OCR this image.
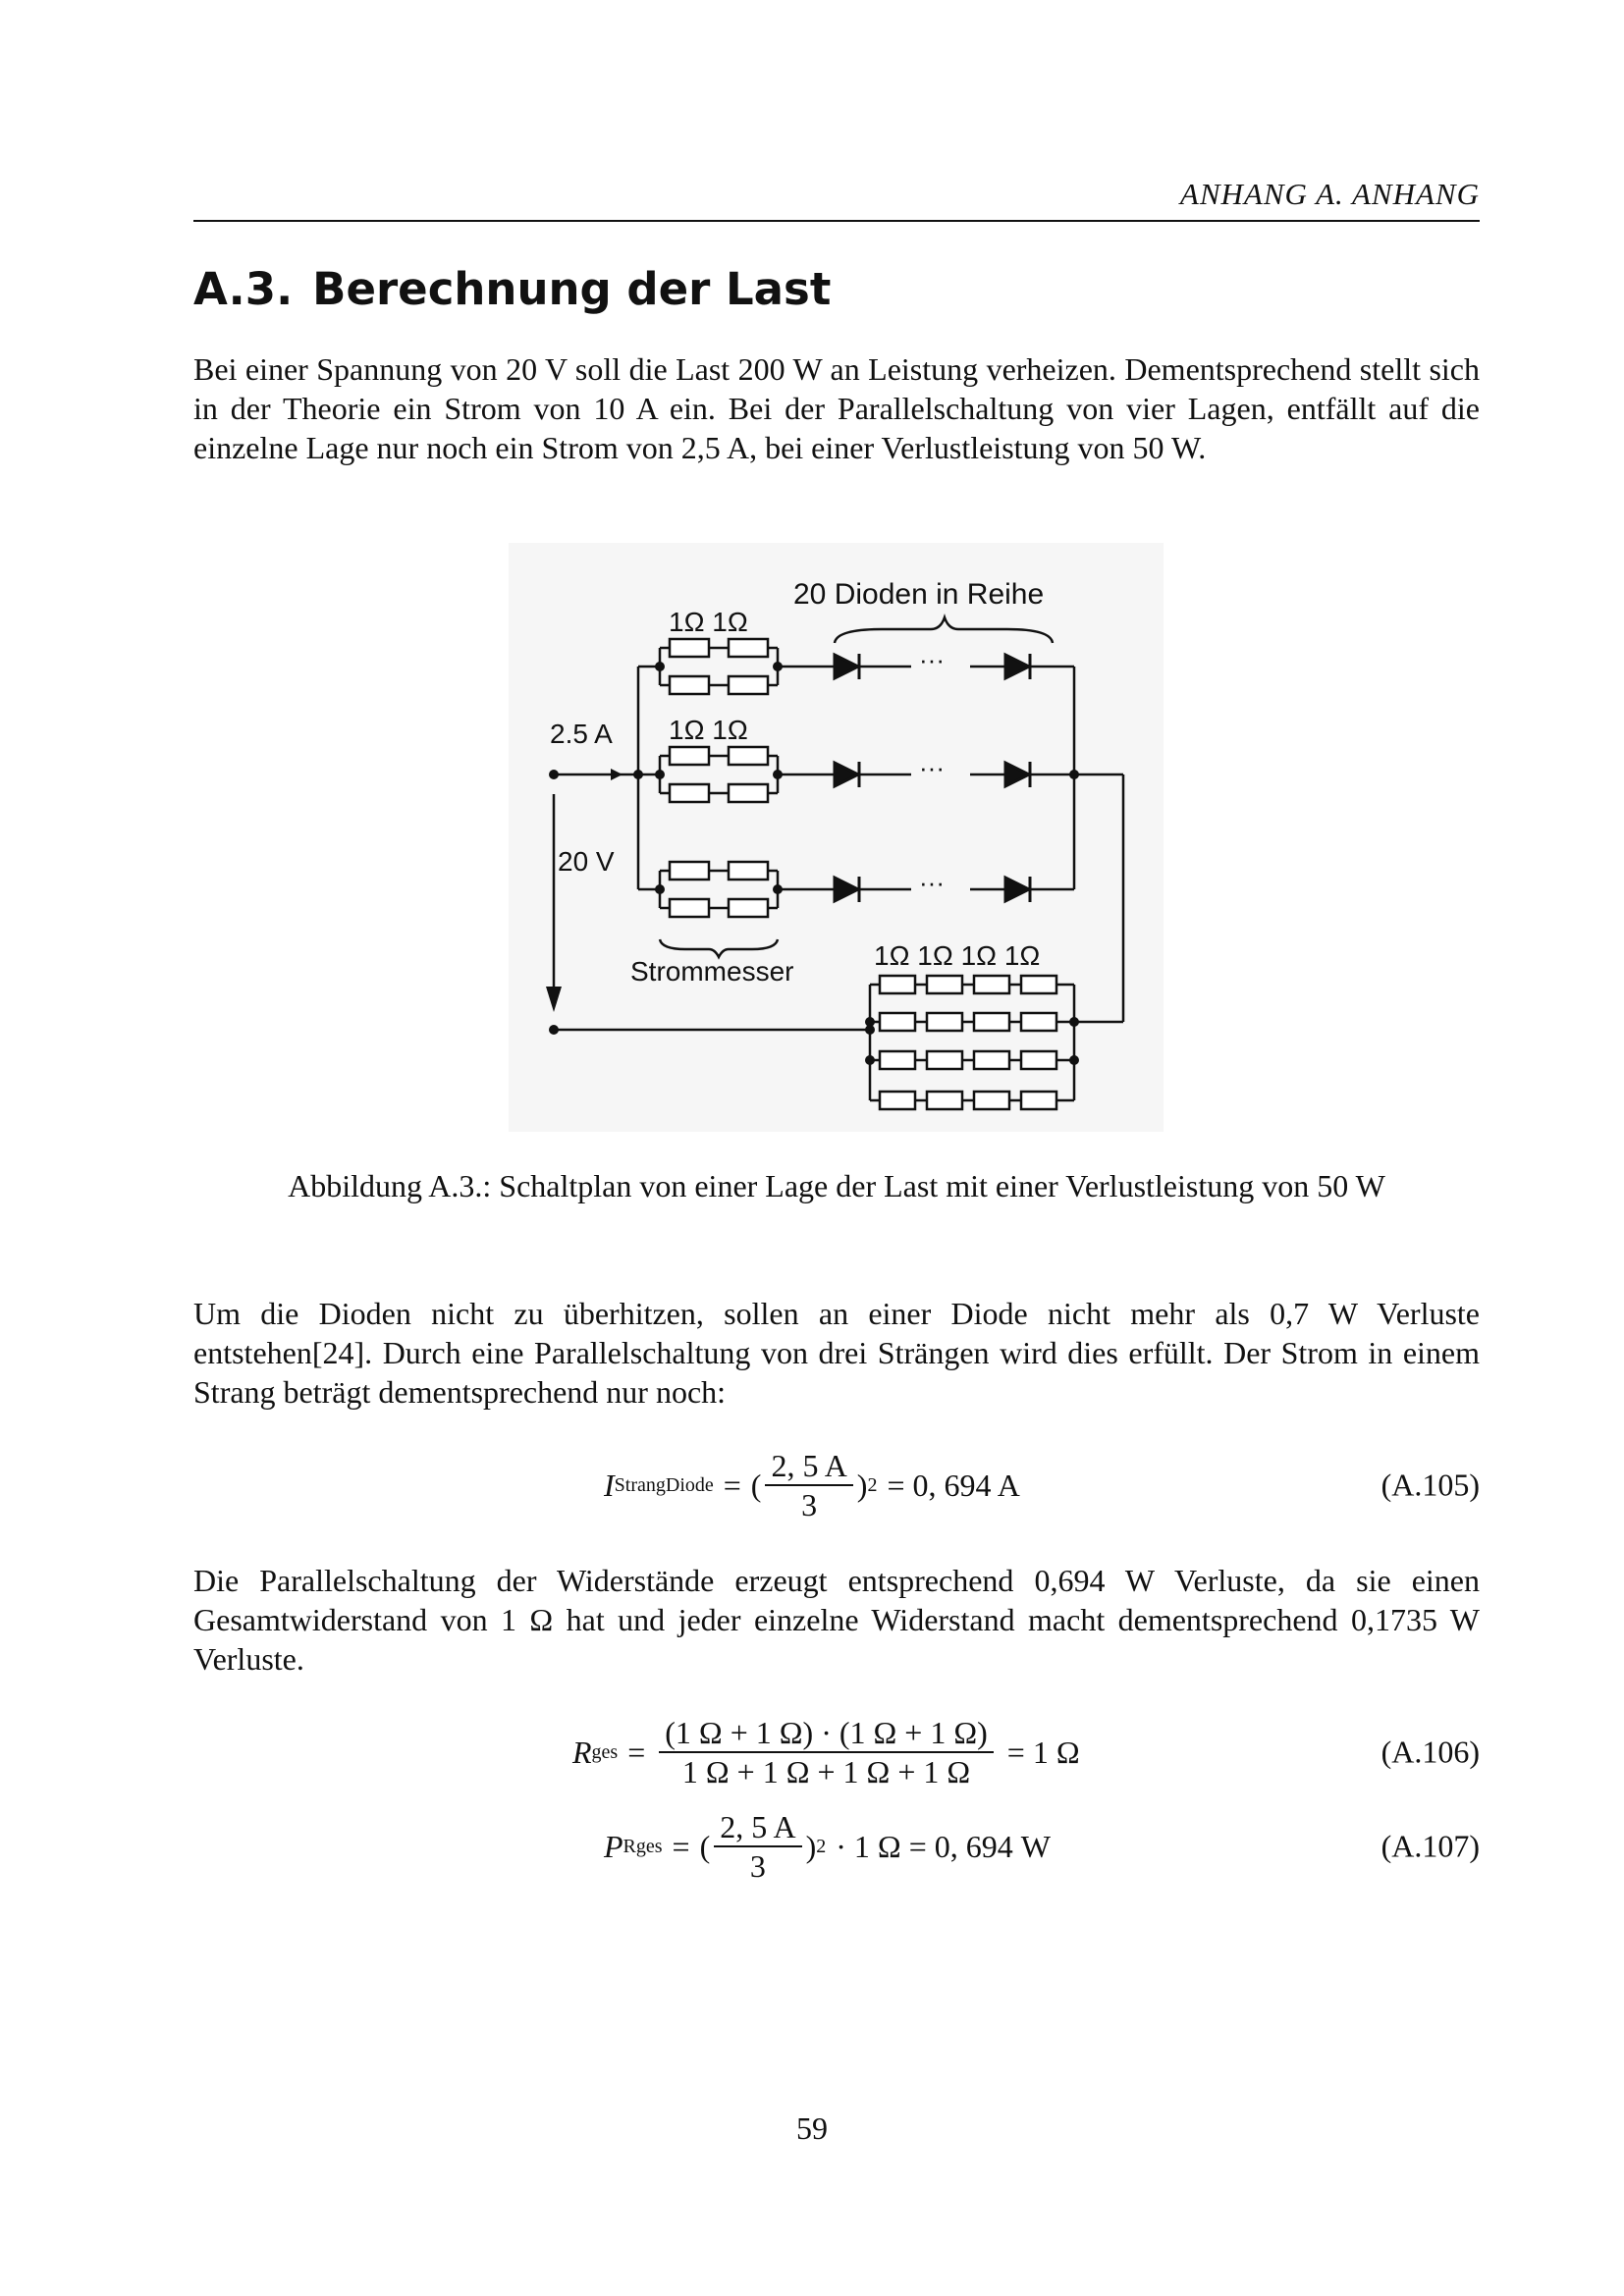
ANHANG A. ANHANG
A.3. Berechnung der Last

Bei einer Spannung von 20 V soll die Last 200 W an Leistung verheizen. Dementsprechend stellt sich in der Theorie ein Strom von 10 A ein. Bei der Parallelschaltung von vier Lagen, entfällt auf die einzelne Lage nur noch ein Strom von 2,5 A, bei einer Verlustleistung von 50 W.

20 Dioden in Reihe
1Ω 1Ω
1Ω 1Ω
2.5 A
20 V
Strommesser
1Ω 1Ω 1Ω 1Ω
···
···
···
Abbildung A.3.: Schaltplan von einer Lage der Last mit einer Verlustleistung von 50 W

Um die Dioden nicht zu überhitzen, sollen an einer Diode nicht mehr als 0,7 W Verluste entstehen[24]. Durch eine Parallelschaltung von drei Strängen wird dies erfüllt. Der Strom in einem Strang beträgt dementsprechend nur noch:

I StrangDiode = ( $\frac{2, 5 A}{3}$ ) 2 = 0, 694 A	(A.105)

Die Parallelschaltung der Widerstände erzeugt entsprechend 0,694 W Verluste, da sie einen Gesamtwiderstand von 1 Ω hat und jeder einzelne Widerstand macht dementsprechend 0,1735 W Verluste.

R ges = $\frac{(1 \Omega + 1 \Omega) \cdot (1 \Omega + 1 \Omega)}{1 \Omega + 1 \Omega + 1 \Omega + 1 \Omega} = 1$ Ω	(A.106)
P Rges = ( $\frac{2, 5 A}{3}$ ) 2 · 1 Ω = 0, 694 W	(A.107)
59
